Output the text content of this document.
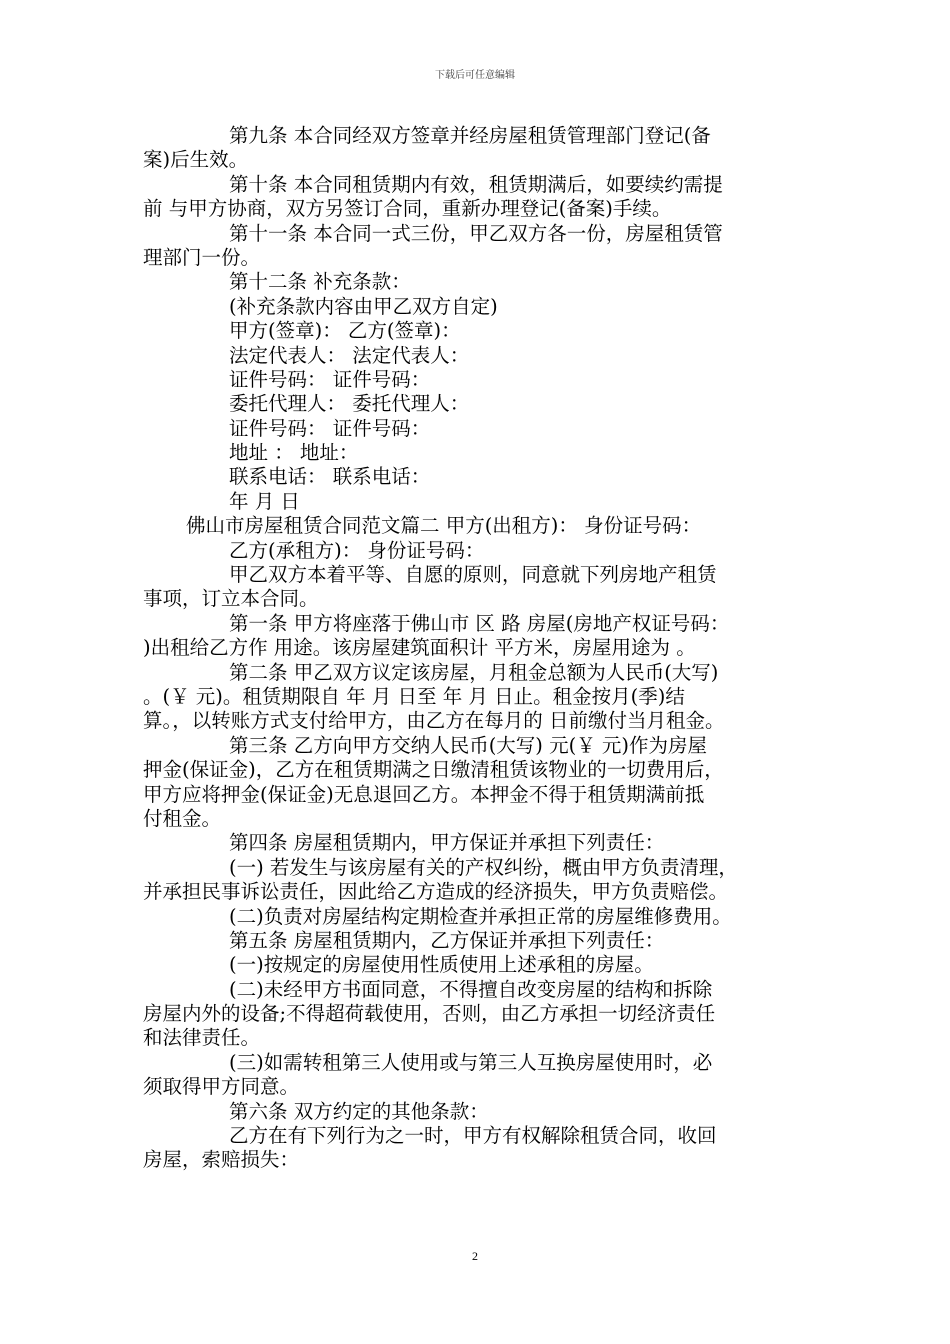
下载后可任意编辑
第九条 本合同经双方签章并经房屋租赁管理部门登记(备
案)后生效。
第十条 本合同租赁期内有效，租赁期满后，如要续约需提
前 与甲方协商，双方另签订合同，重新办理登记(备案)手续。
第十一条 本合同一式三份，甲乙双方各一份，房屋租赁管
理部门一份。
第十二条 补充条款：
(补充条款内容由甲乙双方自定)
甲方(签章)： 乙方(签章)：
法定代表人： 法定代表人：
证件号码： 证件号码：
委托代理人： 委托代理人：
证件号码： 证件号码：
地址 ： 地址：
联系电话： 联系电话：
年 月 日
佛山市房屋租赁合同范文篇二 甲方(出租方)： 身份证号码：
乙方(承租方)： 身份证号码：
甲乙双方本着平等、自愿的原则，同意就下列房地产租赁
事项，订立本合同。
第一条 甲方将座落于佛山市 区 路 房屋(房地产权证号码：
)出租给乙方作 用途。该房屋建筑面积计 平方米，房屋用途为 。
第二条 甲乙双方议定该房屋，月租金总额为人民币(大写)
。(￥ 元)。租赁期限自 年 月 日至 年 月 日止。租金按月(季)结
算。，以转账方式支付给甲方，由乙方在每月的 日前缴付当月租金。
第三条 乙方向甲方交纳人民币(大写) 元(￥ 元)作为房屋
押金(保证金)，乙方在租赁期满之日缴清租赁该物业的一切费用后，
甲方应将押金(保证金)无息退回乙方。本押金不得于租赁期满前抵
付租金。
第四条 房屋租赁期内，甲方保证并承担下列责任：
(一) 若发生与该房屋有关的产权纠纷，概由甲方负责清理，
并承担民事诉讼责任，因此给乙方造成的经济损失，甲方负责赔偿。
(二)负责对房屋结构定期检查并承担正常的房屋维修费用。
第五条 房屋租赁期内，乙方保证并承担下列责任：
(一)按规定的房屋使用性质使用上述承租的房屋。
(二)未经甲方书面同意，不得擅自改变房屋的结构和拆除
房屋内外的设备;不得超荷载使用，否则，由乙方承担一切经济责任
和法律责任。
(三)如需转租第三人使用或与第三人互换房屋使用时，必
须取得甲方同意。
第六条 双方约定的其他条款：
乙方在有下列行为之一时，甲方有权解除租赁合同，收回
房屋，索赔损失：
2
